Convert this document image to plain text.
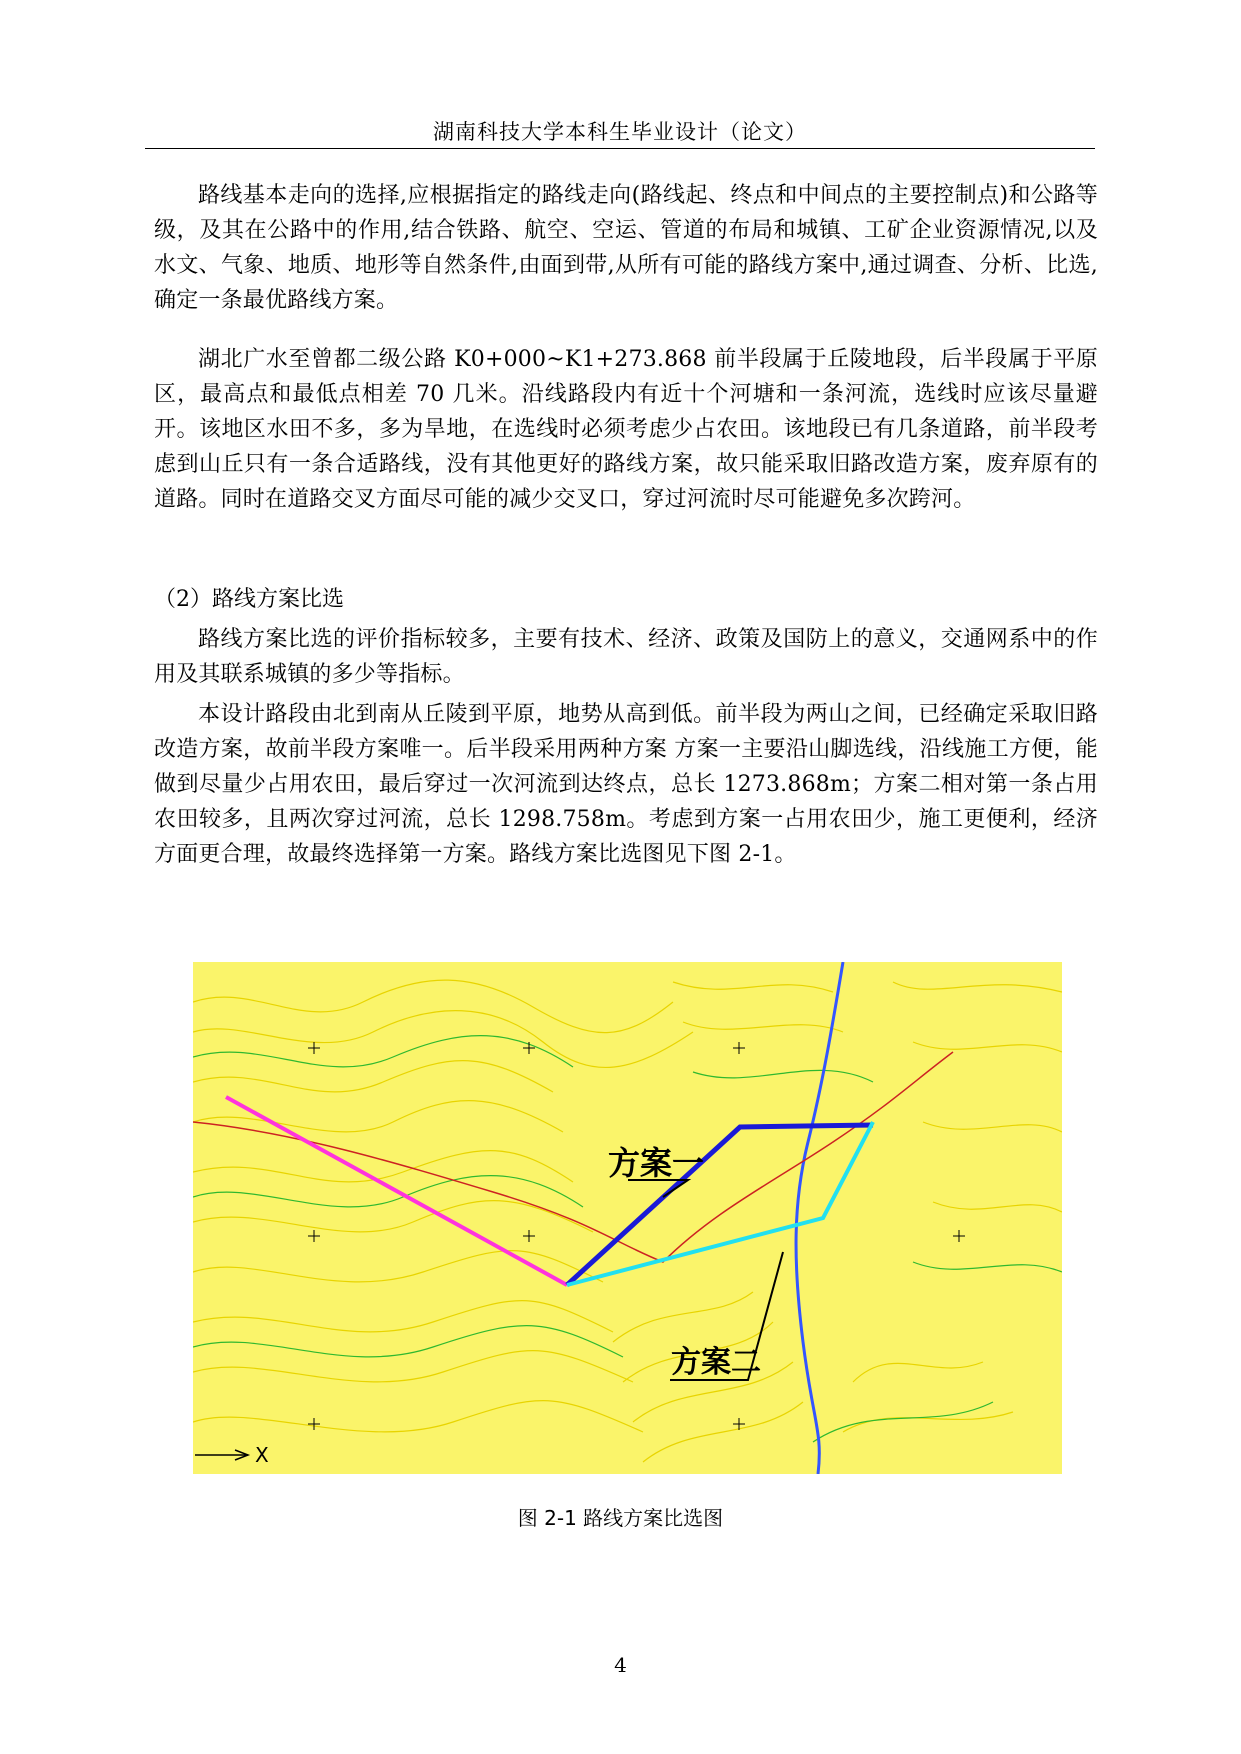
湖南科技大学本科生毕业设计（论文）

路线基本走向的选择,应根据指定的路线走向(路线起、终点和中间点的主要控制点)和公路等级，及其在公路中的作用,结合铁路、航空、空运、管道的布局和城镇、工矿企业资源情况,以及水文、气象、地质、地形等自然条件,由面到带,从所有可能的路线方案中,通过调查、分析、比选,确定一条最优路线方案。

湖北广水至曾都二级公路 K0+000~K1+273.868 前半段属于丘陵地段，后半段属于平原区，最高点和最低点相差 70 几米。沿线路段内有近十个河塘和一条河流，选线时应该尽量避开。该地区水田不多，多为旱地，在选线时必须考虑少占农田。该地段已有几条道路，前半段考虑到山丘只有一条合适路线，没有其他更好的路线方案，故只能采取旧路改造方案，废弃原有的道路。同时在道路交叉方面尽可能的减少交叉口，穿过河流时尽可能避免多次跨河。

（2）路线方案比选

路线方案比选的评价指标较多，主要有技术、经济、政策及国防上的意义，交通网系中的作用及其联系城镇的多少等指标。

本设计路段由北到南从丘陵到平原，地势从高到低。前半段为两山之间，已经确定采取旧路改造方案，故前半段方案唯一。后半段采用两种方案 方案一主要沿山脚选线，沿线施工方便，能做到尽量少占用农田，最后穿过一次河流到达终点，总长 1273.868m；方案二相对第一条占用农田较多，且两次穿过河流，总长 1298.758m。考虑到方案一占用农田少，施工更便利，经济方面更合理，故最终选择第一方案。路线方案比选图见下图 2-1。

方案一
方案二
X
图 2-1 路线方案比选图
4
